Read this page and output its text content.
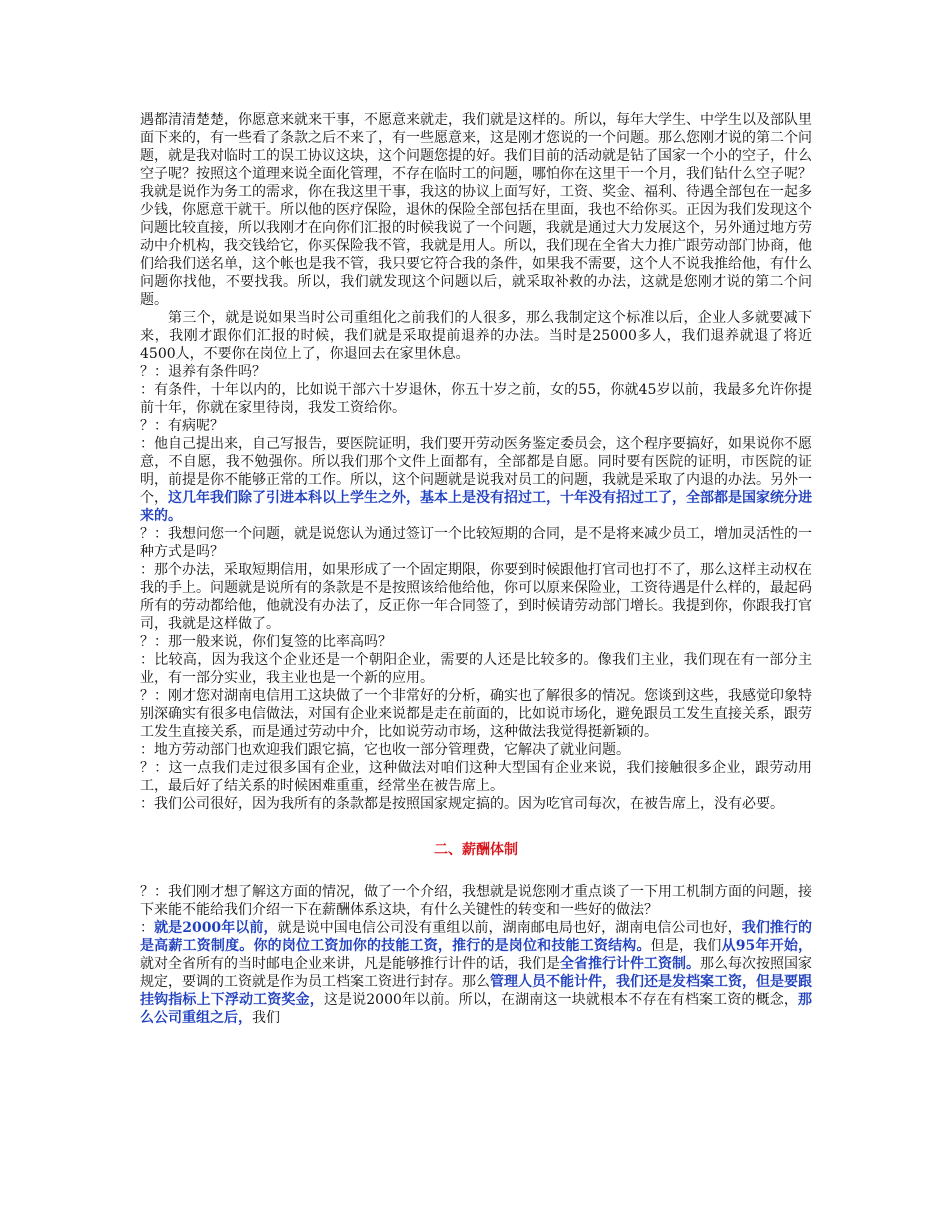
遇都清清楚楚，你愿意来就来干事，不愿意来就走，我们就是这样的。所以，每年大学生、中学生以及部队里面下来的，有一些看了条款之后不来了，有一些愿意来，这是刚才您说的一个问题。那么您刚才说的第二个问题，就是我对临时工的误工协议这块，这个问题您提的好。我们目前的活动就是钻了国家一个小的空子，什么空子呢？按照这个道理来说全面化管理，不存在临时工的问题，哪怕你在这里干一个月，我们钻什么空子呢？我就是说作为务工的需求，你在我这里干事，我这的协议上面写好，工资、奖金、福利、待遇全部包在一起多少钱，你愿意干就干。所以他的医疗保险，退休的保险全部包括在里面，我也不给你买。正因为我们发现这个问题比较直接，所以我刚才在向你们汇报的时候我说了一个问题，我就是通过大力发展这个，另外通过地方劳动中介机构，我交钱给它，你买保险我不管，我就是用人。所以，我们现在全省大力推广跟劳动部门协商，他们给我们送名单，这个帐也是我不管，我只要它符合我的条件，如果我不需要，这个人不说我推给他，有什么问题你找他，不要找我。所以，我们就发现这个问题以后，就采取补救的办法，这就是您刚才说的第二个问题。

第三个，就是说如果当时公司重组化之前我们的人很多，那么我制定这个标准以后，企业人多就要减下来，我刚才跟你们汇报的时候，我们就是采取提前退养的办法。当时是25000多人，我们退养就退了将近4500人，不要你在岗位上了，你退回去在家里休息。

？：退养有条件吗？

：有条件，十年以内的，比如说干部六十岁退休，你五十岁之前，女的55，你就45岁以前，我最多允许你提前十年，你就在家里待岗，我发工资给你。

？：有病呢？

：他自己提出来，自己写报告，要医院证明，我们要开劳动医务鉴定委员会，这个程序要搞好，如果说你不愿意，不自愿，我不勉强你。所以我们那个文件上面都有，全部都是自愿。同时要有医院的证明，市医院的证明，前提是你不能够正常的工作。所以，这个问题就是说我对员工的问题，我就是采取了内退的办法。另外一个，这几年我们除了引进本科以上学生之外，基本上是没有招过工，十年没有招过工了，全部都是国家统分进来的。

？：我想问您一个问题，就是说您认为通过签订一个比较短期的合同，是不是将来减少员工，增加灵活性的一种方式是吗？

：那个办法，采取短期信用，如果形成了一个固定期限，你要到时候跟他打官司也打不了，那么这样主动权在我的手上。问题就是说所有的条款是不是按照该给他给他，你可以原来保险业，工资待遇是什么样的，最起码所有的劳动都给他，他就没有办法了，反正你一年合同签了，到时候请劳动部门增长。我提到你，你跟我打官司，我就是这样做了。

？：那一般来说，你们复签的比率高吗？

：比较高，因为我这个企业还是一个朝阳企业，需要的人还是比较多的。像我们主业，我们现在有一部分主业，有一部分实业，我主业也是一个新的应用。

？：刚才您对湖南电信用工这块做了一个非常好的分析，确实也了解很多的情况。您谈到这些，我感觉印象特别深确实有很多电信做法，对国有企业来说都是走在前面的，比如说市场化，避免跟员工发生直接关系，跟劳工发生直接关系，而是通过劳动中介，比如说劳动市场，这种做法我觉得挺新颖的。

：地方劳动部门也欢迎我们跟它搞，它也收一部分管理费，它解决了就业问题。

？：这一点我们走过很多国有企业，这种做法对咱们这种大型国有企业来说，我们接触很多企业，跟劳动用工，最后好了结关系的时候困难重重，经常坐在被告席上。

：我们公司很好，因为我所有的条款都是按照国家规定搞的。因为吃官司每次，在被告席上，没有必要。

二、薪酬体制

？：我们刚才想了解这方面的情况，做了一个介绍，我想就是说您刚才重点谈了一下用工机制方面的问题，接下来能不能给我们介绍一下在薪酬体系这块，有什么关键性的转变和一些好的做法？

：就是2000年以前，就是说中国电信公司没有重组以前，湖南邮电局也好，湖南电信公司也好，我们推行的是高薪工资制度。你的岗位工资加你的技能工资，推行的是岗位和技能工资结构。但是，我们从95年开始，就对全省所有的当时邮电企业来讲，凡是能够推行计件的话，我们是全省推行计件工资制。那么每次按照国家规定，要调的工资就是作为员工档案工资进行封存。那么管理人员不能计件，我们还是发档案工资，但是要跟挂钩指标上下浮动工资奖金，这是说2000年以前。所以，在湖南这一块就根本不存在有档案工资的概念，那么公司重组之后，我们
